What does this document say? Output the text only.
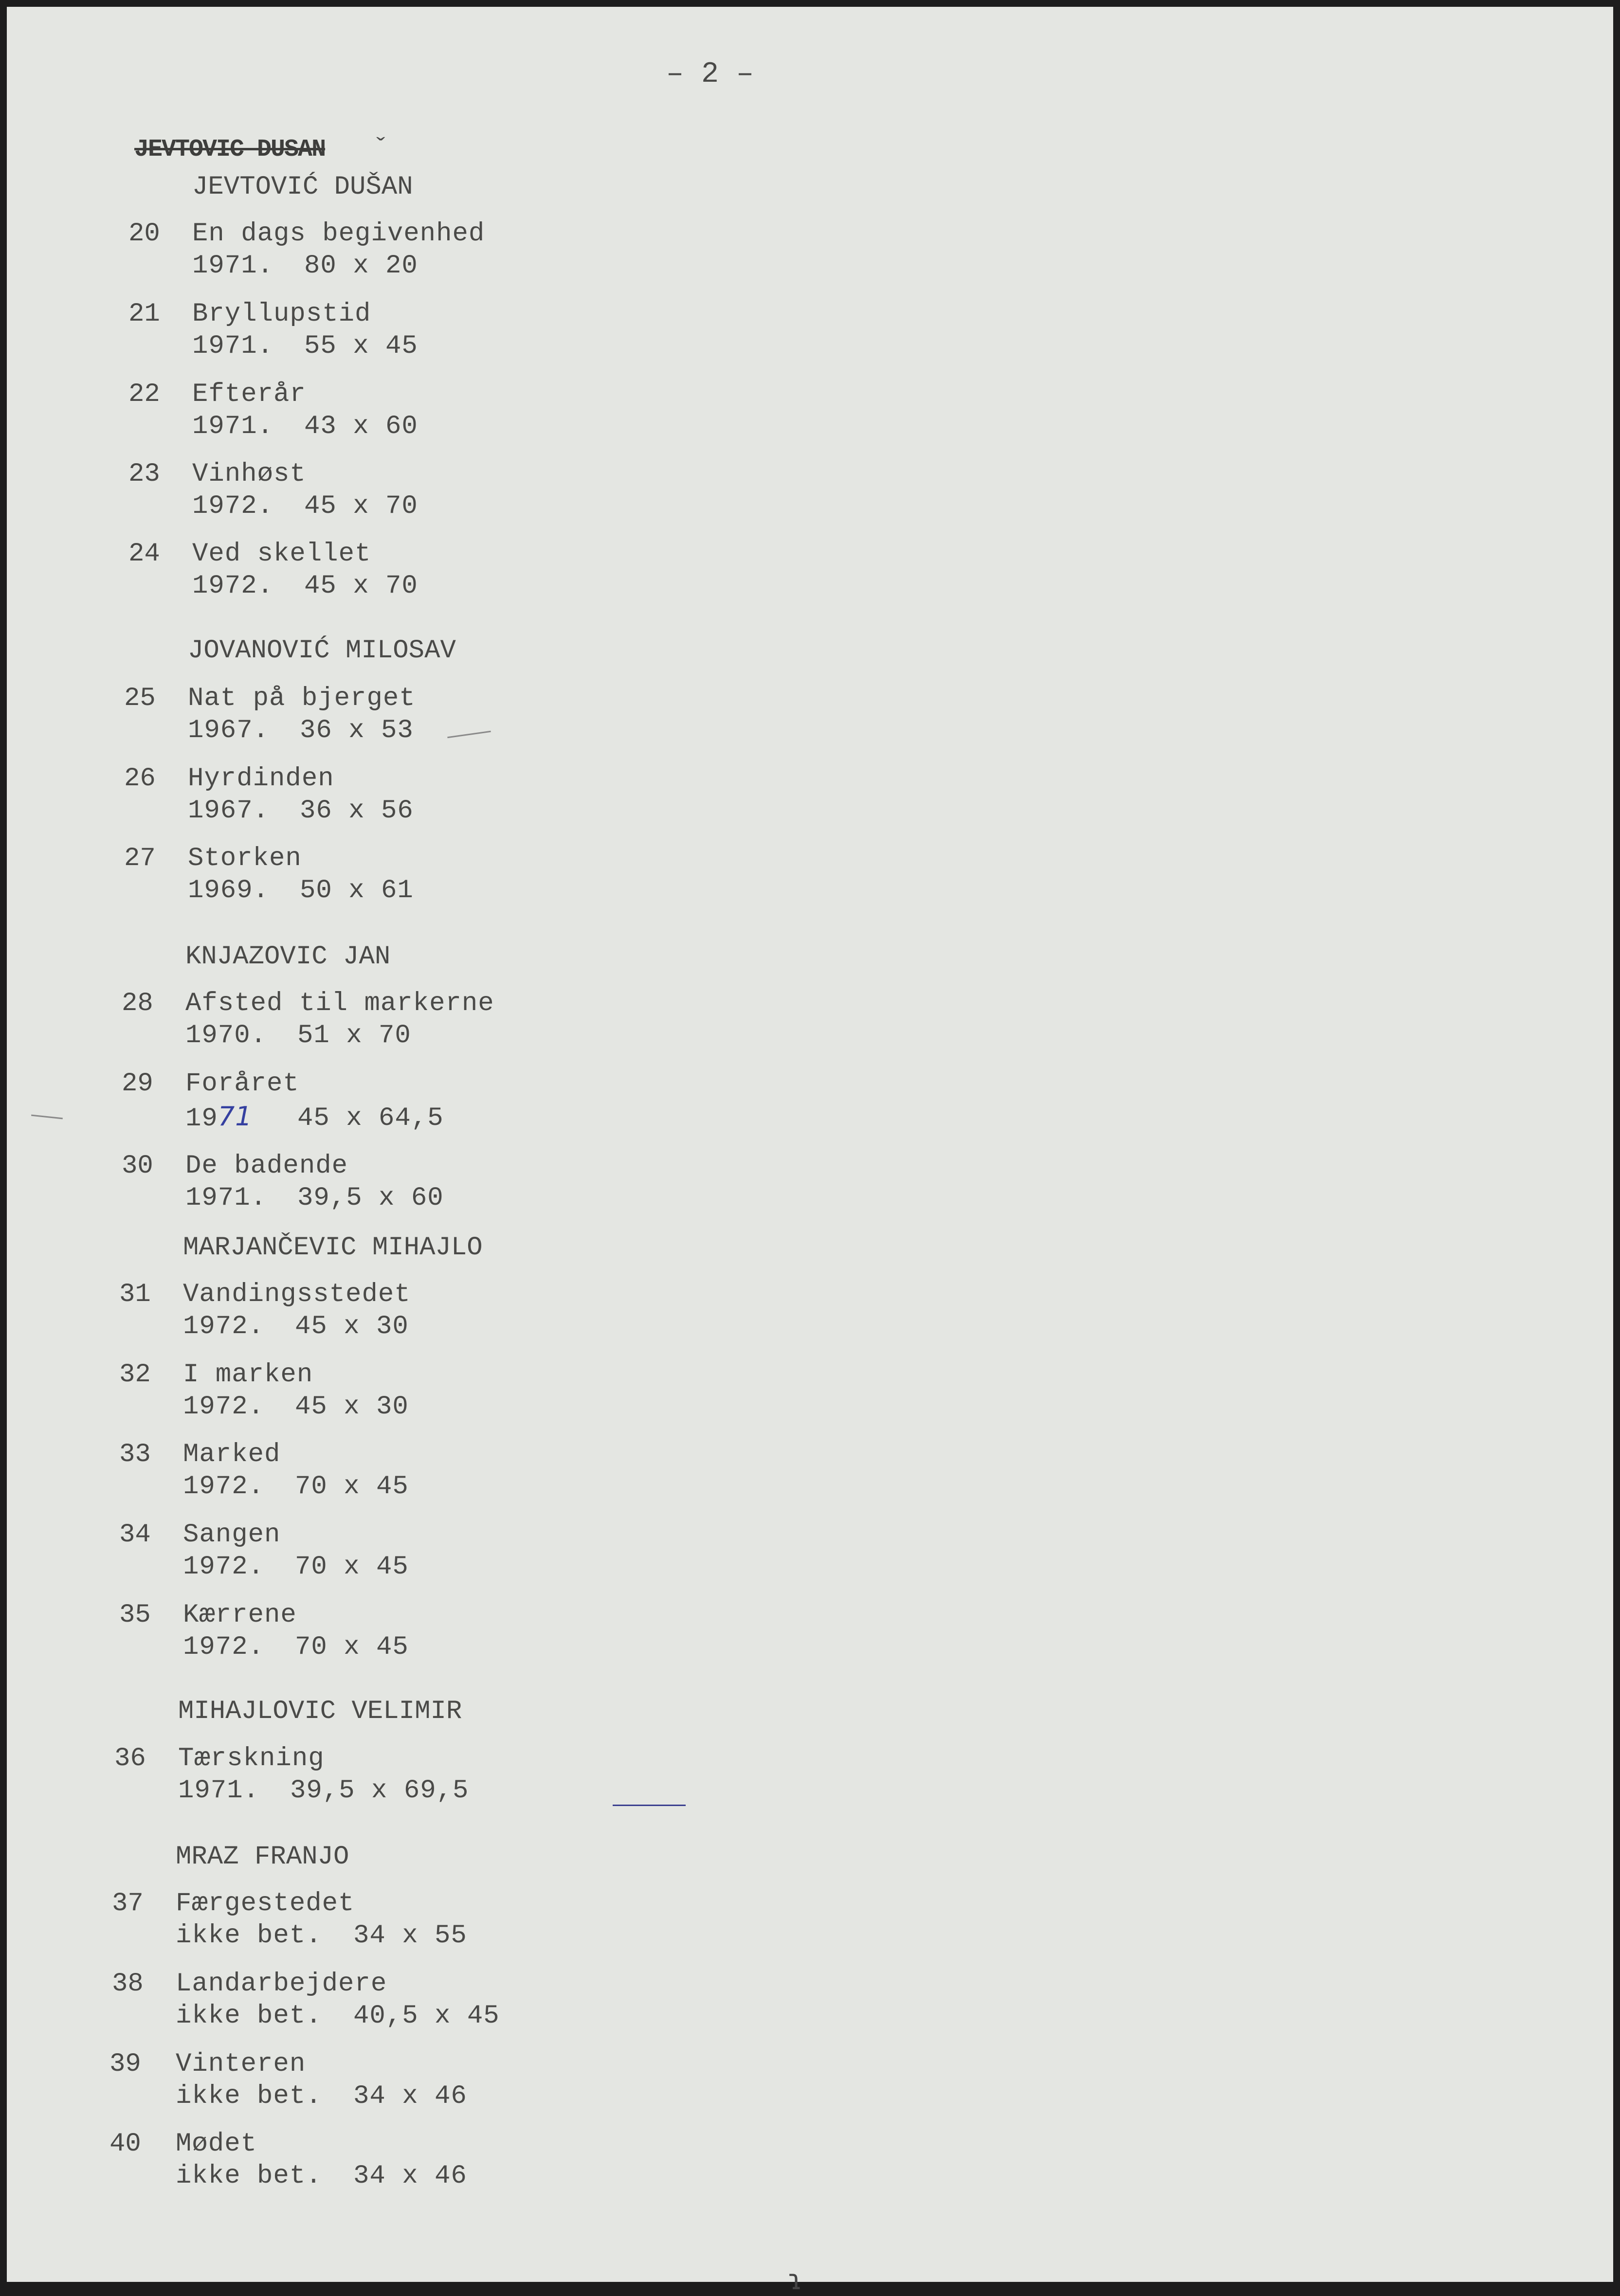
– 2 –
JEVTOVIC DUSAN ˇ
JEVTOVIĆ DUŠAN
20 En dags begivenhed
1971. 80 x 20
21 Bryllupstid
1971. 55 x 45
22 Efterår
1971. 43 x 60
23 Vinhøst
1972. 45 x 70
24 Ved skellet
1972. 45 x 70
JOVANOVIĆ MILOSAV
25 Nat på bjerget
1967. 36 x 53
26 Hyrdinden
1967. 36 x 56
27 Storken
1969. 50 x 61
KNJAZOVIC JAN
28 Afsted til markerne
1970. 51 x 70
29 Foråret
1971 45 x 64,5
30 De badende
1971. 39,5 x 60
MARJANČEVIC MIHAJLO
31 Vandingsstedet
1972. 45 x 30
32 I marken
1972. 45 x 30
33 Marked
1972. 70 x 45
34 Sangen
1972. 70 x 45
35 Kærrene
1972. 70 x 45
MIHAJLOVIC VELIMIR
36 Tærskning
1971. 39,5 x 69,5
MRAZ FRANJO
37 Færgestedet
ikke bet. 34 x 55
38 Landarbejdere
ikke bet. 40,5 x 45
39 Vinteren
ikke bet. 34 x 46
40 Mødet
ikke bet. 34 x 46
ɿ
